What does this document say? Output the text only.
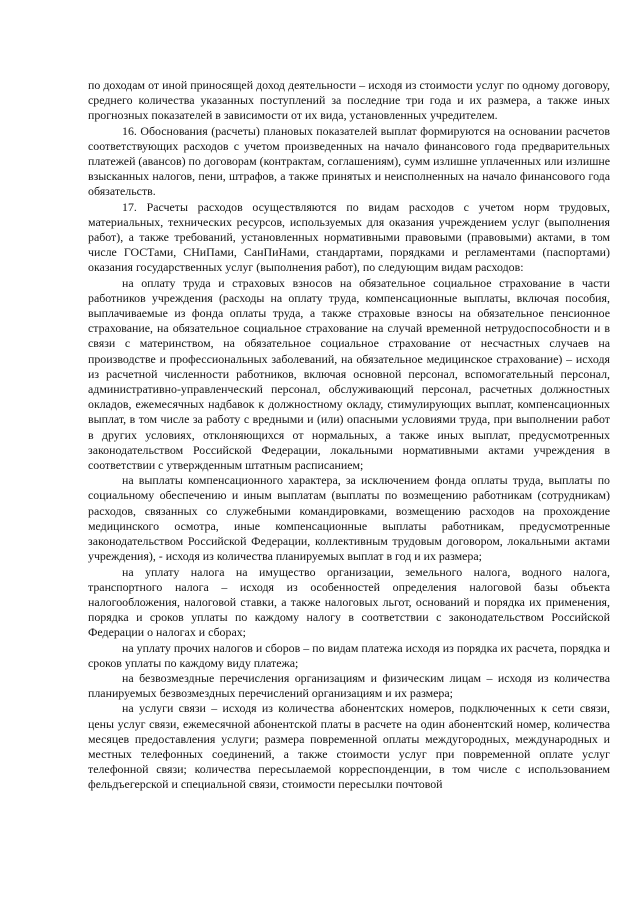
по доходам от иной приносящей доход деятельности – исходя из стоимости услуг по одному договору, среднего количества указанных поступлений за последние три года и их размера, а также иных прогнозных показателей в зависимости от их вида, установленных учредителем.

16. Обоснования (расчеты) плановых показателей выплат формируются на основании расчетов соответствующих расходов с учетом произведенных на начало финансового года предварительных платежей (авансов) по договорам (контрактам, соглашениям), сумм излишне уплаченных или излишне взысканных налогов, пени, штрафов, а также принятых и неисполненных на начало финансового года обязательств.

17. Расчеты расходов осуществляются по видам расходов с учетом норм трудовых, материальных, технических ресурсов, используемых для оказания учреждением услуг (выполнения работ), а также требований, установленных нормативными правовыми (правовыми) актами, в том числе ГОСТами, СНиПами, СанПиНами, стандартами, порядками и регламентами (паспортами) оказания государственных услуг (выполнения работ), по следующим видам расходов:

на оплату труда и страховых взносов на обязательное социальное страхование в части работников учреждения (расходы на оплату труда, компенсационные выплаты, включая пособия, выплачиваемые из фонда оплаты труда, а также страховые взносы на обязательное пенсионное страхование, на обязательное социальное страхование на случай временной нетрудоспособности и в связи с материнством, на обязательное социальное страхование от несчастных случаев на производстве и профессиональных заболеваний, на обязательное медицинское страхование) – исходя из расчетной численности работников, включая основной персонал, вспомогательный персонал, административно-управленческий персонал, обслуживающий персонал, расчетных должностных окладов, ежемесячных надбавок к должностному окладу, стимулирующих выплат, компенсационных выплат, в том числе за работу с вредными и (или) опасными условиями труда, при выполнении работ в других условиях, отклоняющихся от нормальных, а также иных выплат, предусмотренных законодательством Российской Федерации, локальными нормативными актами учреждения в соответствии с утвержденным штатным расписанием;

на выплаты компенсационного характера, за исключением фонда оплаты труда, выплаты по социальному обеспечению и иным выплатам (выплаты по возмещению работникам (сотрудникам) расходов, связанных со служебными командировками, возмещению расходов на прохождение медицинского осмотра, иные компенсационные выплаты работникам, предусмотренные законодательством Российской Федерации, коллективным трудовым договором, локальными актами учреждения), - исходя из количества планируемых выплат в год и их размера;

на уплату налога на имущество организации, земельного налога, водного налога, транспортного налога – исходя из особенностей определения налоговой базы объекта налогообложения, налоговой ставки, а также налоговых льгот, оснований и порядка их применения, порядка и сроков уплаты по каждому налогу в соответствии с законодательством Российской Федерации о налогах и сборах;

на уплату прочих налогов и сборов – по видам платежа исходя из порядка их расчета, порядка и сроков уплаты по каждому виду платежа;

на безвозмездные перечисления организациям и физическим лицам – исходя из количества планируемых безвозмездных перечислений организациям и их размера;

на услуги связи – исходя из количества абонентских номеров, подключенных к сети связи, цены услуг связи, ежемесячной абонентской платы в расчете на один абонентский номер, количества месяцев предоставления услуги; размера повременной оплаты междугородных, международных и местных телефонных соединений, а также стоимости услуг при повременной оплате услуг телефонной связи; количества пересылаемой корреспонденции, в том числе с использованием фельдъегерской и специальной связи, стоимости пересылки почтовой
